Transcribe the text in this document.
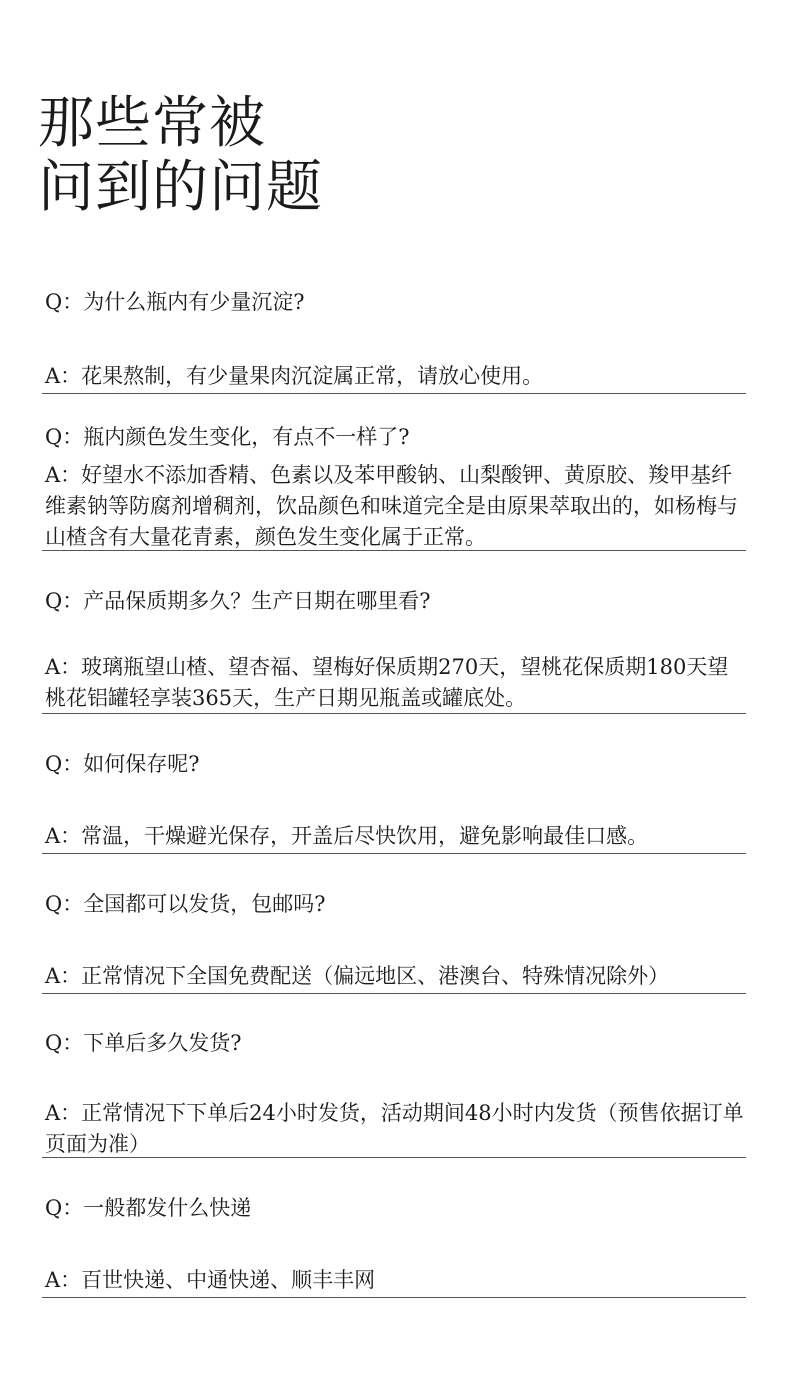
那些常被
问到的问题

Q：为什么瓶内有少量沉淀?

A：花果熬制，有少量果肉沉淀属正常，请放心使用。

Q：瓶内颜色发生变化，有点不一样了?

A：好望水不添加香精、色素以及苯甲酸钠、山梨酸钾、黄原胶、羧甲基纤维素钠等防腐剂增稠剂，饮品颜色和味道完全是由原果萃取出的，如杨梅与山楂含有大量花青素，颜色发生变化属于正常。

Q：产品保质期多久？生产日期在哪里看?

A：玻璃瓶望山楂、望杏福、望梅好保质期270天，望桃花保质期180天望桃花铝罐轻享装365天，生产日期见瓶盖或罐底处。

Q：如何保存呢?

A：常温，干燥避光保存，开盖后尽快饮用，避免影响最佳口感。

Q：全国都可以发货，包邮吗?

A：正常情况下全国免费配送（偏远地区、港澳台、特殊情况除外）

Q：下单后多久发货?

A：正常情况下下单后24小时发货，活动期间48小时内发货（预售依据订单页面为准）

Q：一般都发什么快递

A：百世快递、中通快递、顺丰丰网
